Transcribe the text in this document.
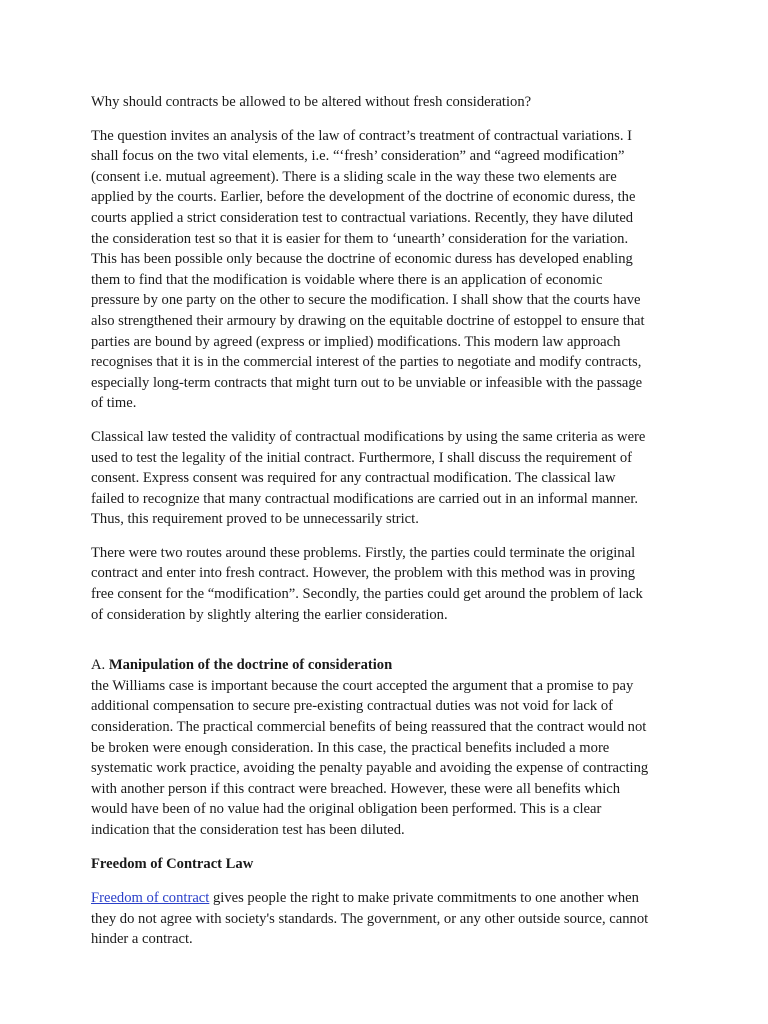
Why should contracts be allowed to be altered without fresh consideration?

The question invites an analysis of the law of contract’s treatment of contractual variations. I shall focus on the two vital elements, i.e. “‘fresh’ consideration” and “agreed modification” (consent i.e. mutual agreement). There is a sliding scale in the way these two elements are applied by the courts. Earlier, before the development of the doctrine of economic duress, the courts applied a strict consideration test to contractual variations. Recently, they have diluted the consideration test so that it is easier for them to ‘unearth’ consideration for the variation. This has been possible only because the doctrine of economic duress has developed enabling them to find that the modification is voidable where there is an application of economic pressure by one party on the other to secure the modification. I shall show that the courts have also strengthened their armoury by drawing on the equitable doctrine of estoppel to ensure that parties are bound by agreed (express or implied) modifications. This modern law approach recognises that it is in the commercial interest of the parties to negotiate and modify contracts, especially long-term contracts that might turn out to be unviable or infeasible with the passage of time.

Classical law tested the validity of contractual modifications by using the same criteria as were used to test the legality of the initial contract. Furthermore, I shall discuss the requirement of consent. Express consent was required for any contractual modification. The classical law failed to recognize that many contractual modifications are carried out in an informal manner. Thus, this requirement proved to be unnecessarily strict.

There were two routes around these problems. Firstly, the parties could terminate the original contract and enter into fresh contract. However, the problem with this method was in proving free consent for the “modification”. Secondly, the parties could get around the problem of lack of consideration by slightly altering the earlier consideration.

A. Manipulation of the doctrine of consideration

the Williams case is important because the court accepted the argument that a promise to pay additional compensation to secure pre-existing contractual duties was not void for lack of consideration. The practical commercial benefits of being reassured that the contract would not be broken were enough consideration. In this case, the practical benefits included a more systematic work practice, avoiding the penalty payable and avoiding the expense of contracting with another person if this contract were breached. However, these were all benefits which would have been of no value had the original obligation been performed. This is a clear indication that the consideration test has been diluted.

Freedom of Contract Law

Freedom of contract gives people the right to make private commitments to one another when they do not agree with society's standards. The government, or any other outside source, cannot hinder a contract.
